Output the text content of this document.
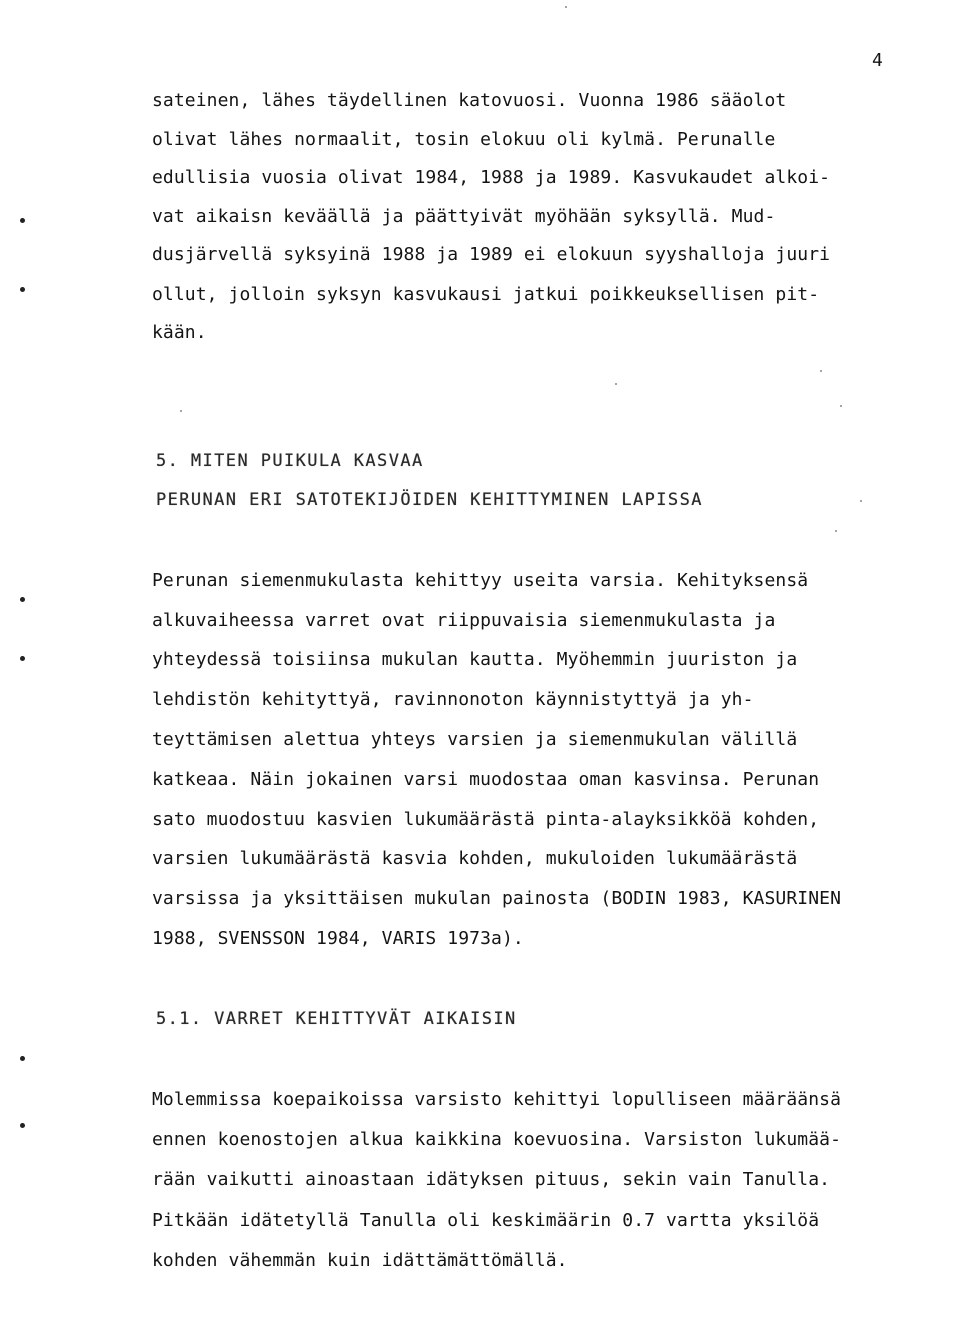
4
sateinen, lähes täydellinen katovuosi. Vuonna 1986 sääolot
olivat lähes normaalit, tosin elokuu oli kylmä. Perunalle
edullisia vuosia olivat 1984, 1988 ja 1989. Kasvukaudet alkoi-
vat aikaisn keväällä ja päättyivät myöhään syksyllä. Mud-
dusjärvellä syksyinä 1988 ja 1989 ei elokuun syyshalloja juuri
ollut, jolloin syksyn kasvukausi jatkui poikkeuksellisen pit-
kään.
5. MITEN PUIKULA KASVAA
PERUNAN ERI SATOTEKIJÖIDEN KEHITTYMINEN LAPISSA
Perunan siemenmukulasta kehittyy useita varsia. Kehityksensä
alkuvaiheessa varret ovat riippuvaisia siemenmukulasta ja
yhteydessä toisiinsa mukulan kautta. Myöhemmin juuriston ja
lehdistön kehityttyä, ravinnonoton käynnistyttyä ja yh-
teyttämisen alettua yhteys varsien ja siemenmukulan välillä
katkeaa. Näin jokainen varsi muodostaa oman kasvinsa. Perunan
sato muodostuu kasvien lukumäärästä pinta-alayksikköä kohden,
varsien lukumäärästä kasvia kohden, mukuloiden lukumäärästä
varsissa ja yksittäisen mukulan painosta (BODIN 1983, KASURINEN
1988, SVENSSON 1984, VARIS 1973a).
5.1. VARRET KEHITTYVÄT AIKAISIN
Molemmissa koepaikoissa varsisto kehittyi lopulliseen määräänsä
ennen koenostojen alkua kaikkina koevuosina. Varsiston lukumää-
rään vaikutti ainoastaan idätyksen pituus, sekin vain Tanulla.
Pitkään idätetyllä Tanulla oli keskimäärin 0.7 vartta yksilöä
kohden vähemmän kuin idättämättömällä.
